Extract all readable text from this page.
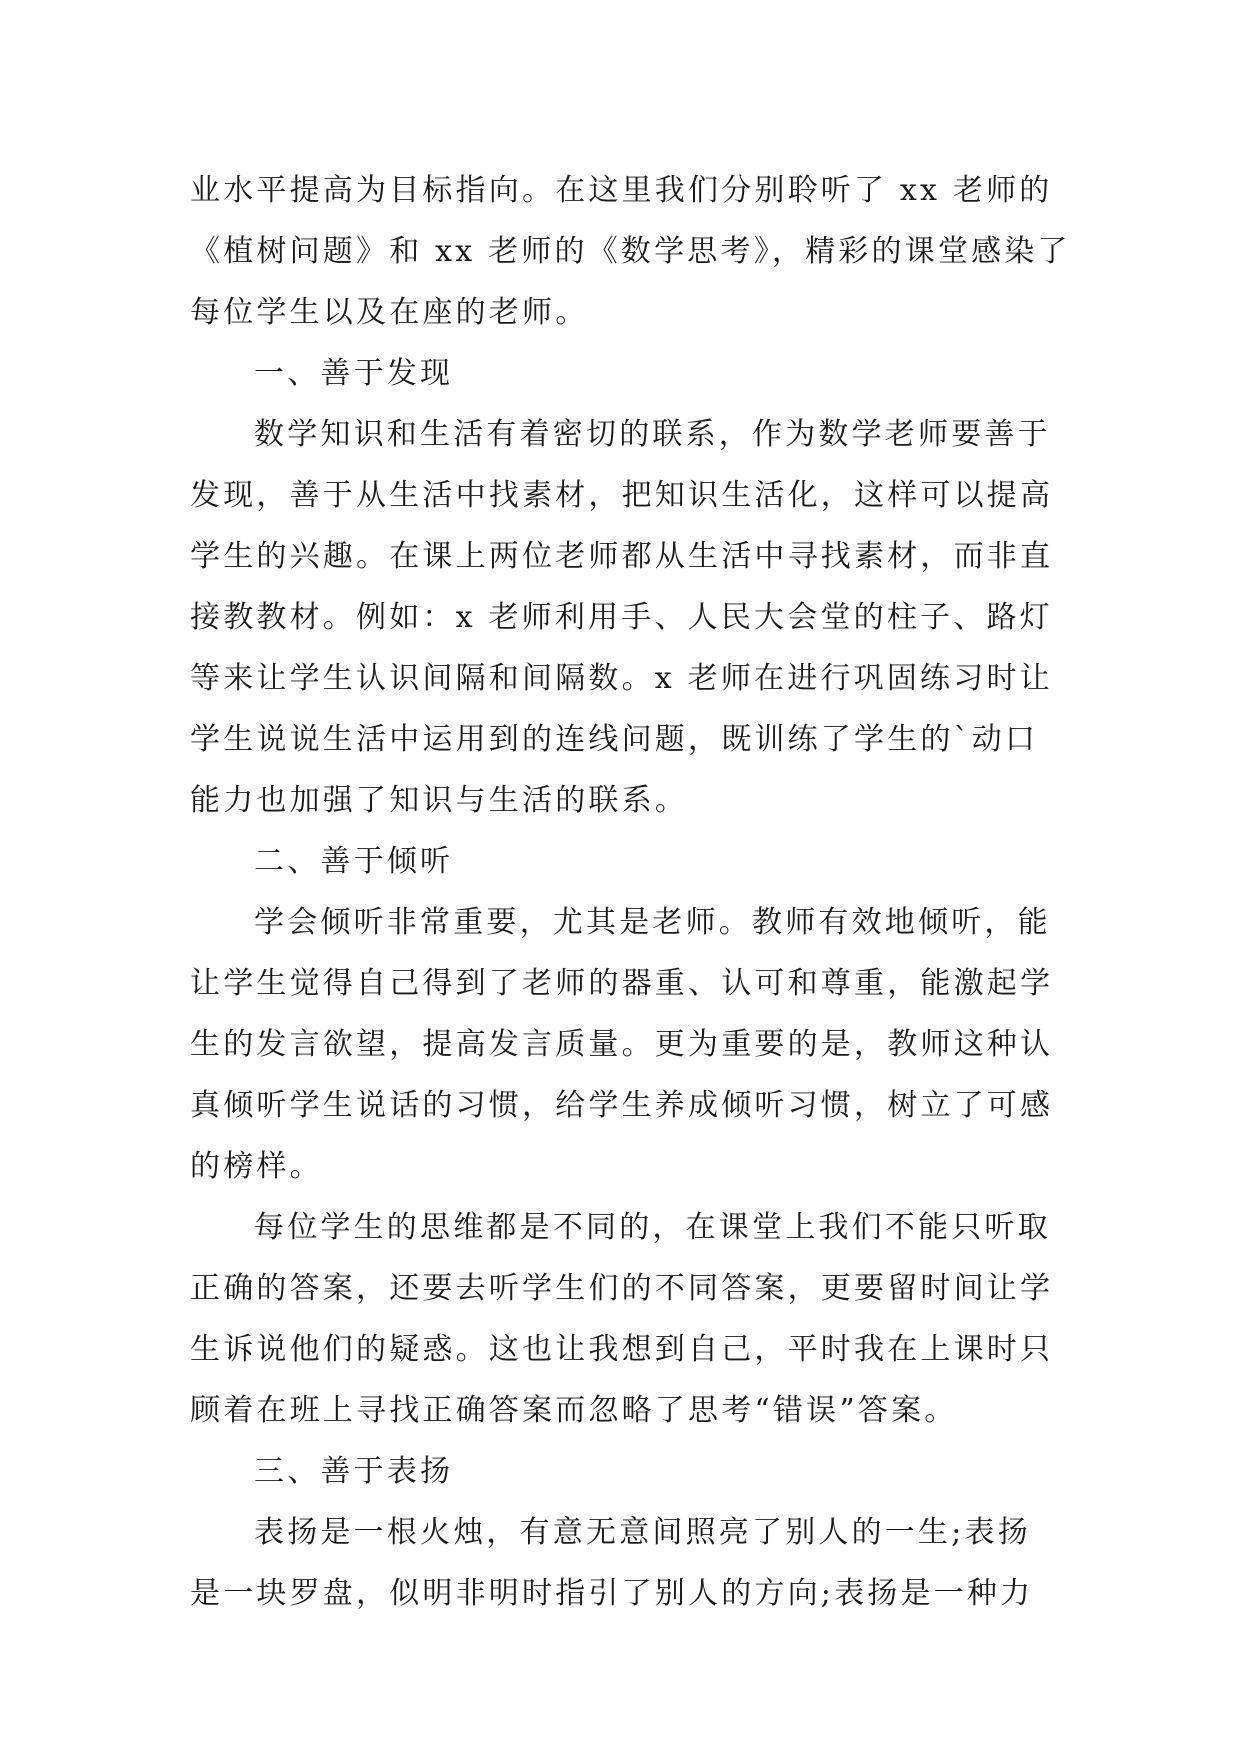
业水平提高为目标指向。在这里我们分别聆听了 xx 老师的
《植树问题》和 xx 老师的《数学思考》，精彩的课堂感染了
每位学生以及在座的老师。
一、善于发现
数学知识和生活有着密切的联系，作为数学老师要善于
发现，善于从生活中找素材，把知识生活化，这样可以提高
学生的兴趣。在课上两位老师都从生活中寻找素材，而非直
接教教材。例如：x 老师利用手、人民大会堂的柱子、路灯
等来让学生认识间隔和间隔数。x 老师在进行巩固练习时让
学生说说生活中运用到的连线问题，既训练了学生的`动口
能力也加强了知识与生活的联系。
二、善于倾听
学会倾听非常重要，尤其是老师。教师有效地倾听，能
让学生觉得自己得到了老师的器重、认可和尊重，能激起学
生的发言欲望，提高发言质量。更为重要的是，教师这种认
真倾听学生说话的习惯，给学生养成倾听习惯，树立了可感
的榜样。
每位学生的思维都是不同的，在课堂上我们不能只听取
正确的答案，还要去听学生们的不同答案，更要留时间让学
生诉说他们的疑惑。这也让我想到自己，平时我在上课时只
顾着在班上寻找正确答案而忽略了思考“错误”答案。
三、善于表扬
表扬是一根火烛，有意无意间照亮了别人的一生;表扬
是一块罗盘，似明非明时指引了别人的方向;表扬是一种力
